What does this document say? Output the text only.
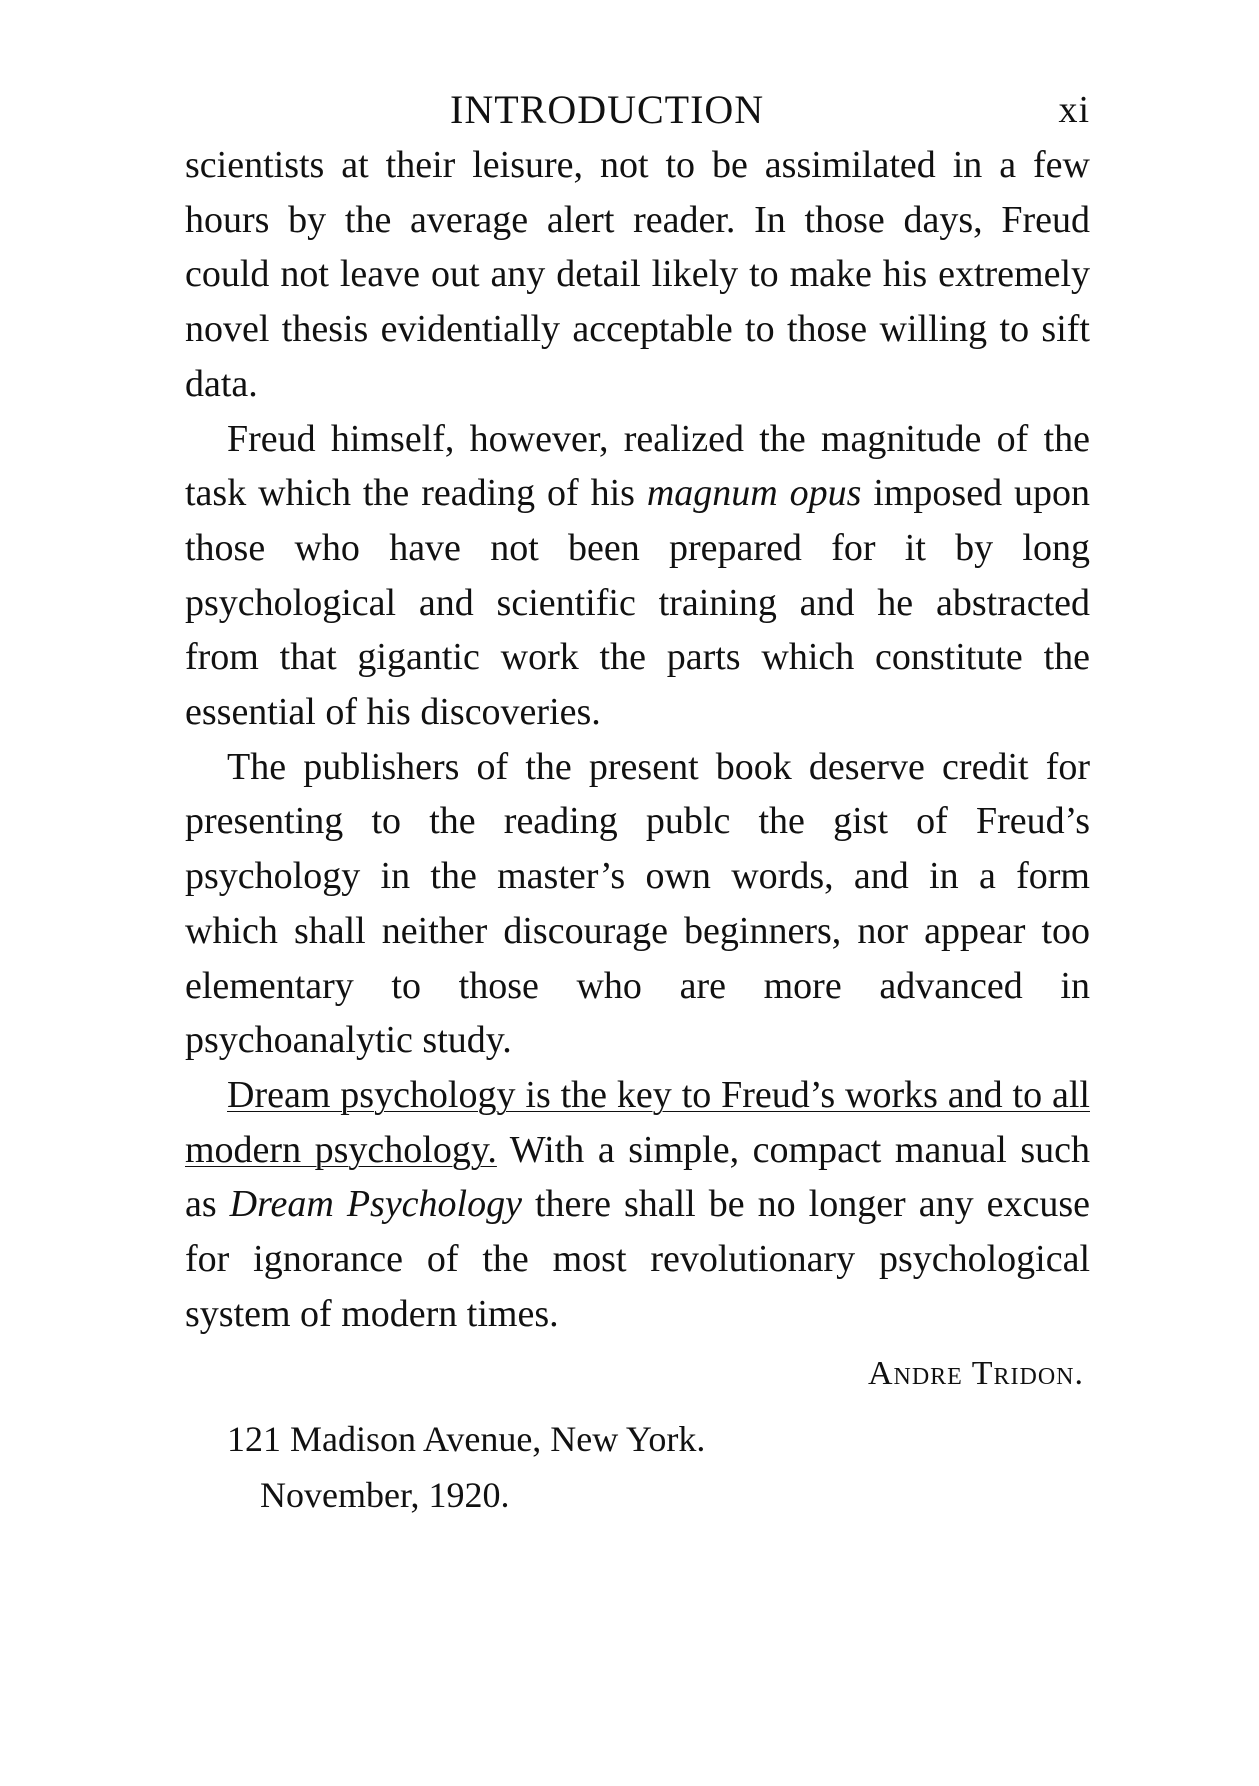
INTRODUCTION	xi

scientists at their leisure, not to be assimilated in a few hours by the average alert reader. In those days, Freud could not leave out any detail likely to make his extremely novel thesis evidentially acceptable to those willing to sift data.

Freud himself, however, realized the magnitude of the task which the reading of his magnum opus imposed upon those who have not been prepared for it by long psychological and scientific training and he abstracted from that gigantic work the parts which constitute the essential of his discoveries.

The publishers of the present book deserve credit for presenting to the reading publc the gist of Freud’s psychology in the master’s own words, and in a form which shall neither discourage beginners, nor appear too elementary to those who are more advanced in psychoanalytic study.

Dream psychology is the key to Freud’s works and to all modern psychology. With a simple, compact manual such as Dream Psychology there shall be no longer any excuse for ignorance of the most revolutionary psychological system of modern times.

Andre Tridon.
121 Madison Avenue, New York.
November, 1920.
